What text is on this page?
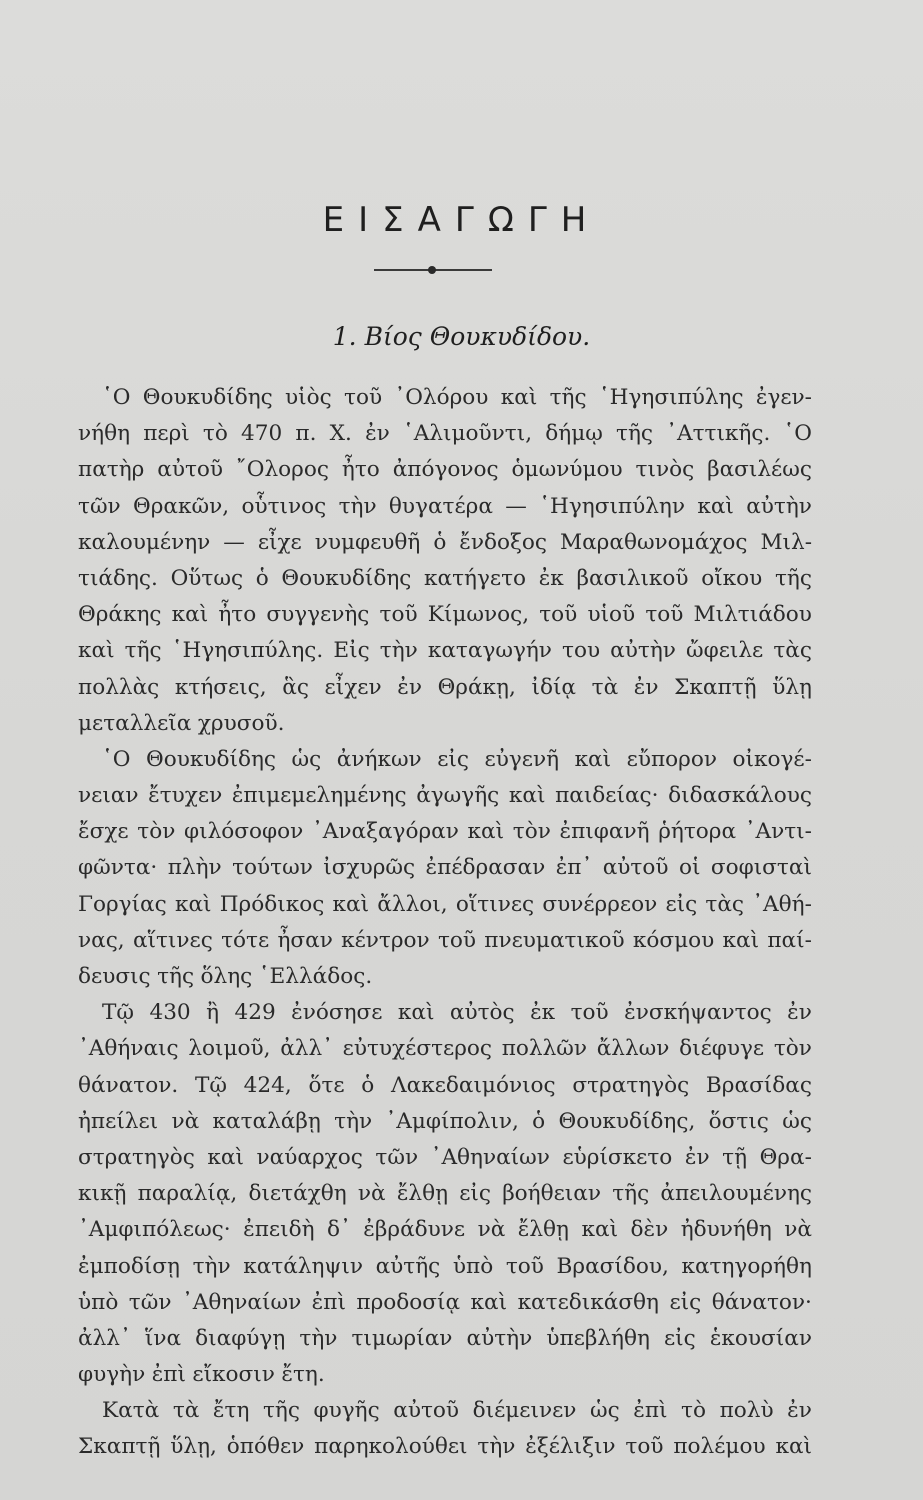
ΕΙΣΑΓΩΓΗ
1. Βίος Θουκυδίδου.
῾Ο Θουκυδίδης υἱὸς τοῦ ᾿Ολόρου καὶ τῆς ῾Ηγησιπύλης ἐγεν-
νήθη περὶ τὸ 470 π. Χ. ἐν ῾Αλιμοῦντι, δήμῳ τῆς ᾿Αττικῆς. ῾Ο
πατὴρ αὐτοῦ ῎Ολορος ἦτο ἀπόγονος ὁμωνύμου τινὸς βασιλέως
τῶν Θρακῶν, οὗτινος τὴν θυγατέρα — ῾Ηγησιπύλην καὶ αὐτὴν
καλουμένην — εἶχε νυμφευθῆ ὁ ἔνδοξος Μαραθωνομάχος Μιλ-
τιάδης. Οὕτως ὁ Θουκυδίδης κατήγετο ἐκ βασιλικοῦ οἴκου τῆς
Θράκης καὶ ἦτο συγγενὴς τοῦ Κίμωνος, τοῦ υἱοῦ τοῦ Μιλτιάδου
καὶ τῆς ῾Ηγησιπύλης. Εἰς τὴν καταγωγήν του αὐτὴν ὤφειλε τὰς
πολλὰς κτήσεις, ἃς εἶχεν ἐν Θράκῃ, ἰδίᾳ τὰ ἐν Σκαπτῇ ὕλῃ
μεταλλεῖα χρυσοῦ.
῾Ο Θουκυδίδης ὡς ἀνήκων εἰς εὐγενῆ καὶ εὔπορον οἰκογέ-
νειαν ἔτυχεν ἐπιμεμελημένης ἀγωγῆς καὶ παιδείας· διδασκάλους
ἔσχε τὸν φιλόσοφον ᾿Αναξαγόραν καὶ τὸν ἐπιφανῆ ῥήτορα ᾿Αντι-
φῶντα· πλὴν τούτων ἰσχυρῶς ἐπέδρασαν ἐπ᾿ αὐτοῦ οἱ σοφισταὶ
Γοργίας καὶ Πρόδικος καὶ ἄλλοι, οἵτινες συνέρρεον εἰς τὰς ᾿Αθή-
νας, αἵτινες τότε ἦσαν κέντρον τοῦ πνευματικοῦ κόσμου καὶ παί-
δευσις τῆς ὅλης ῾Ελλάδος.
Τῷ 430 ἢ 429 ἐνόσησε καὶ αὐτὸς ἐκ τοῦ ἐνσκήψαντος ἐν
᾿Αθήναις λοιμοῦ, ἀλλ᾿ εὐτυχέστερος πολλῶν ἄλλων διέφυγε τὸν
θάνατον. Τῷ 424, ὅτε ὁ Λακεδαιμόνιος στρατηγὸς Βρασίδας
ἠπείλει νὰ καταλάβῃ τὴν ᾿Αμφίπολιν, ὁ Θουκυδίδης, ὅστις ὡς
στρατηγὸς καὶ ναύαρχος τῶν ᾿Αθηναίων εὑρίσκετο ἐν τῇ Θρα-
κικῇ παραλίᾳ, διετάχθη νὰ ἔλθῃ εἰς βοήθειαν τῆς ἀπειλουμένης
᾿Αμφιπόλεως· ἐπειδὴ δ᾿ ἐβράδυνε νὰ ἔλθῃ καὶ δὲν ἠδυνήθη νὰ
ἐμποδίσῃ τὴν κατάληψιν αὐτῆς ὑπὸ τοῦ Βρασίδου, κατηγορήθη
ὑπὸ τῶν ᾿Αθηναίων ἐπὶ προδοσίᾳ καὶ κατεδικάσθη εἰς θάνατον·
ἀλλ᾿ ἵνα διαφύγῃ τὴν τιμωρίαν αὐτὴν ὑπεβλήθη εἰς ἑκουσίαν
φυγὴν ἐπὶ εἴκοσιν ἔτη.
Κατὰ τὰ ἔτη τῆς φυγῆς αὐτοῦ διέμεινεν ὡς ἐπὶ τὸ πολὺ ἐν
Σκαπτῇ ὕλῃ, ὁπόθεν παρηκολούθει τὴν ἐξέλιξιν τοῦ πολέμου καὶ
